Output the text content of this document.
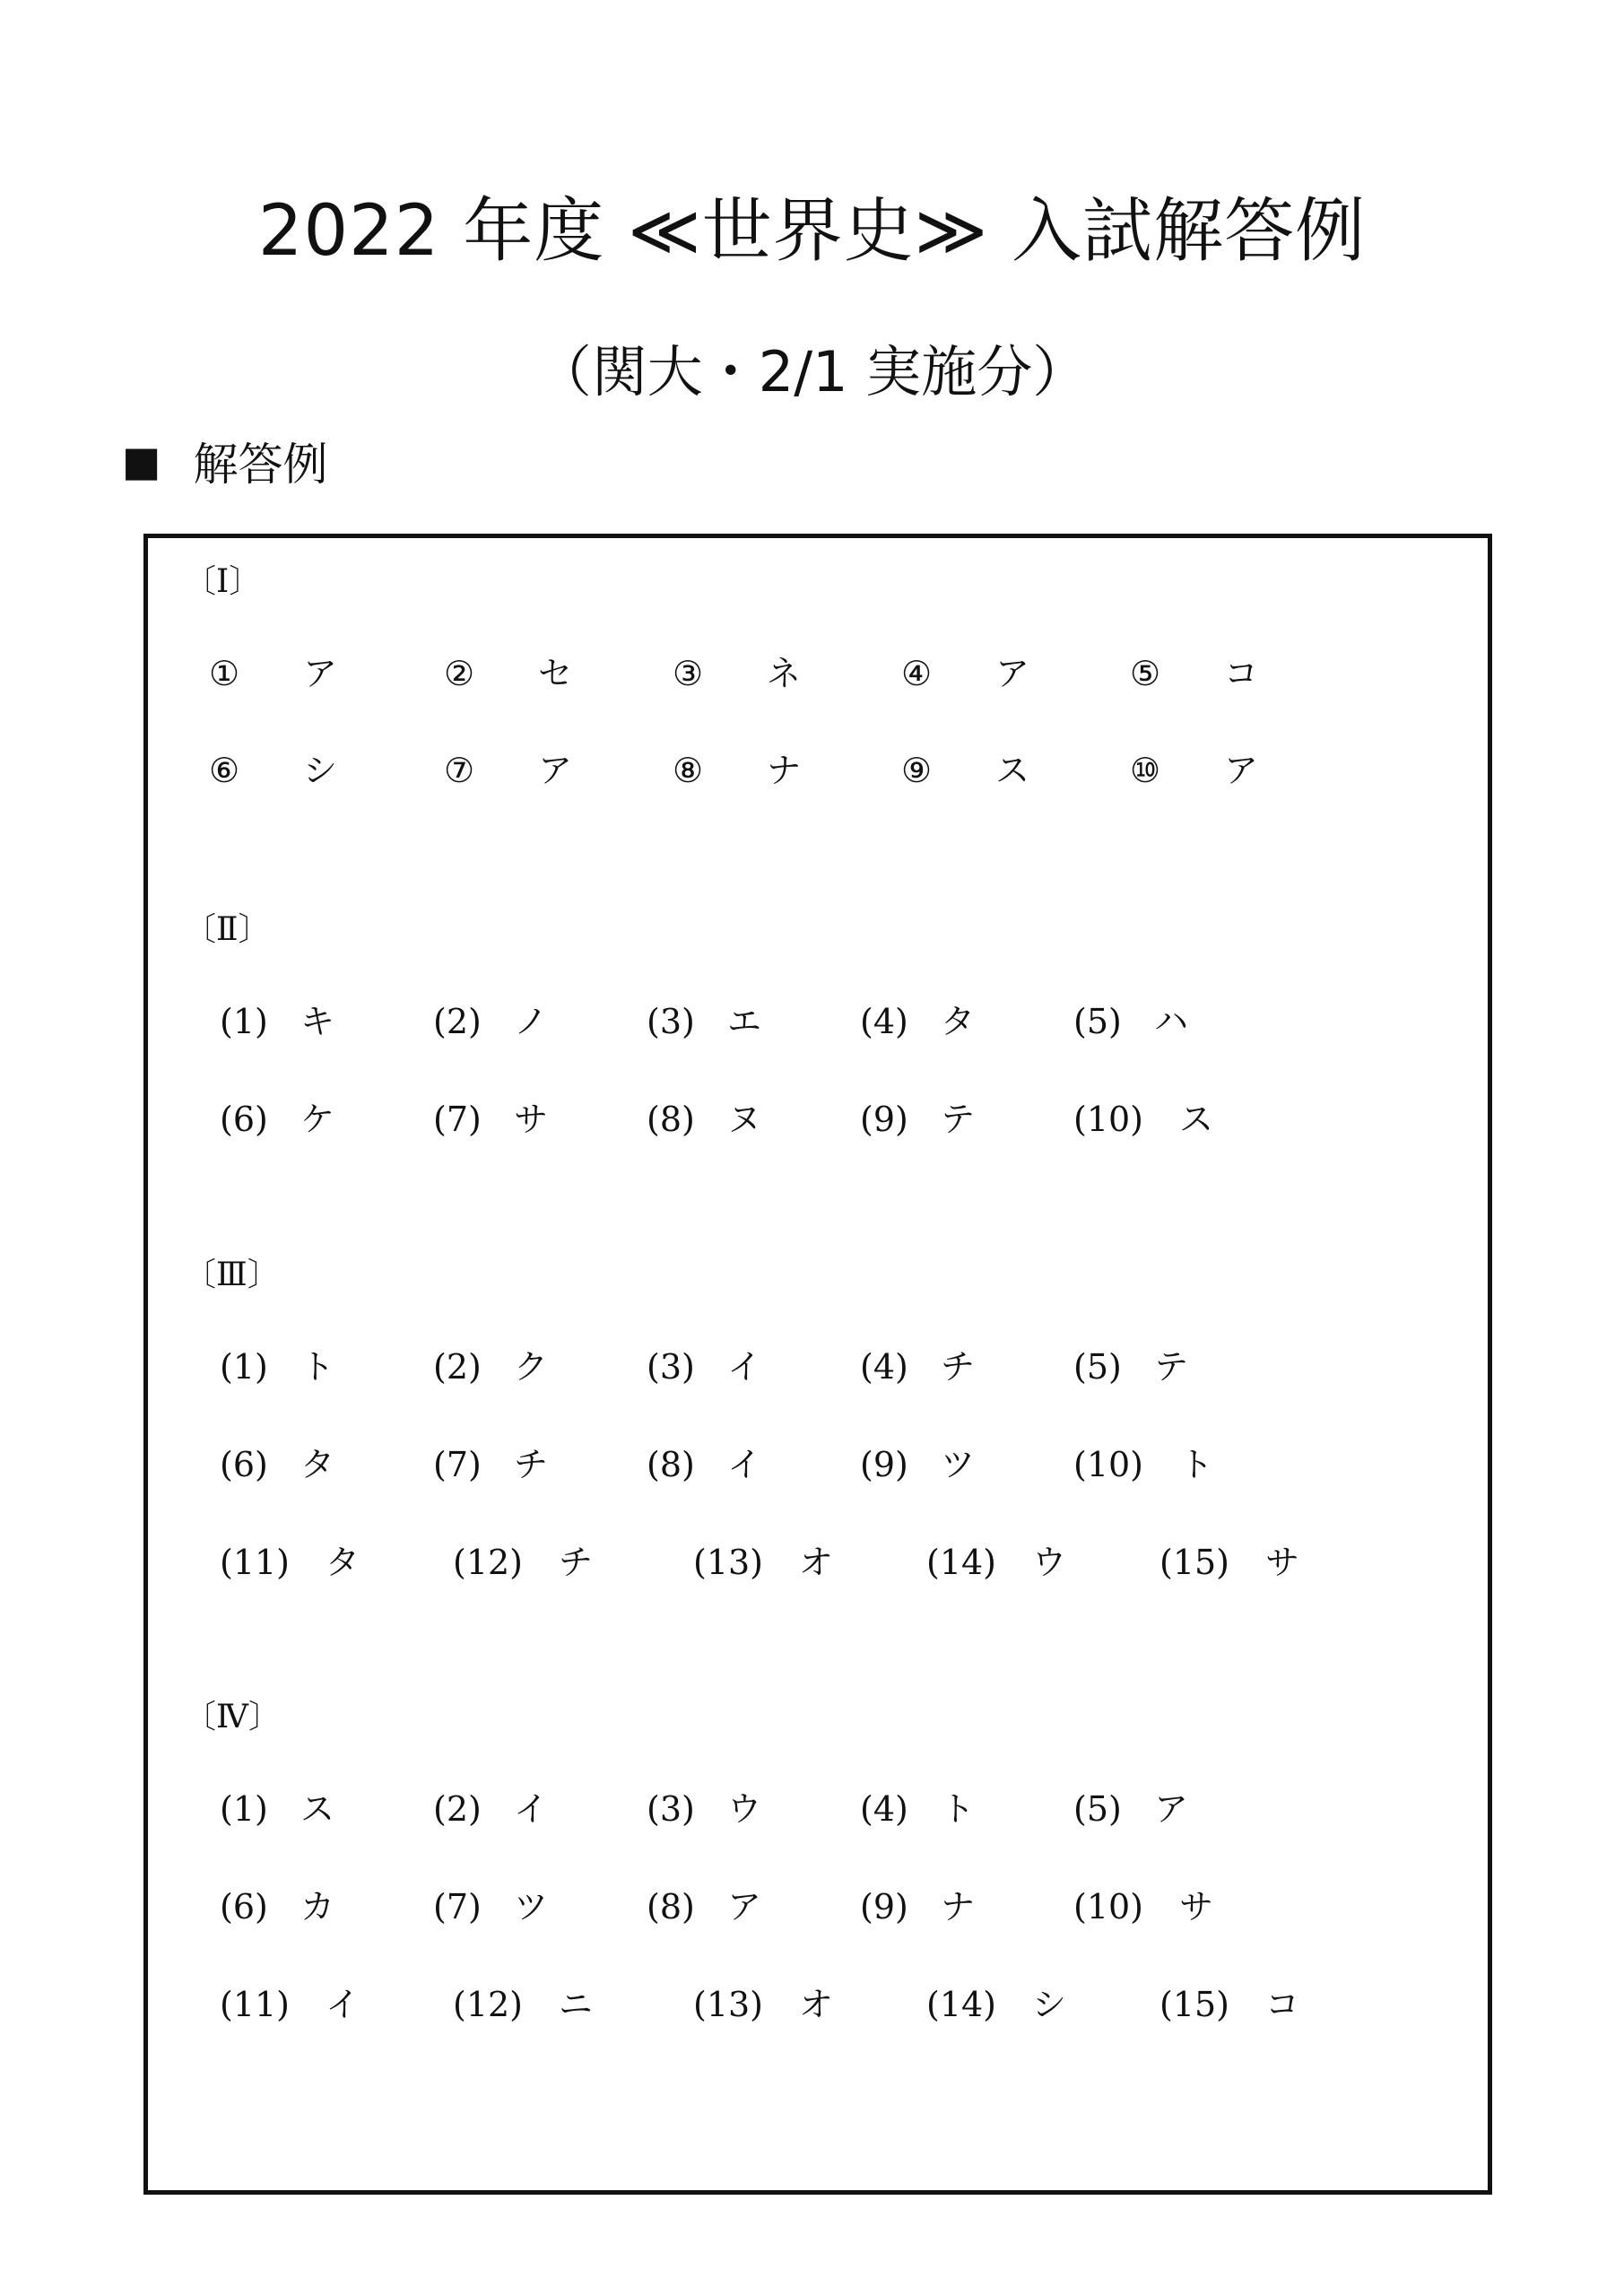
2022 年度 ≪世界史≫ 入試解答例
（関大・2/1 実施分）
■ 解答例
〔Ⅰ〕
① ア	② セ	③ ネ	④ ア	⑤ コ
⑥ シ	⑦ ア	⑧ ナ	⑨ ス	⑩ ア
〔Ⅱ〕
(1) キ	(2) ノ	(3) エ	(4) タ	(5) ハ
(6) ケ	(7) サ	(8) ヌ	(9) テ	(10) ス
〔Ⅲ〕
(1) ト	(2) ク	(3) イ	(4) チ	(5) テ
(6) タ	(7) チ	(8) イ	(9) ツ	(10) ト
(11) タ	(12) チ	(13) オ	(14) ウ	(15) サ
〔Ⅳ〕
(1) ス	(2) イ	(3) ウ	(4) ト	(5) ア
(6) カ	(7) ツ	(8) ア	(9) ナ	(10) サ
(11) イ	(12) ニ	(13) オ	(14) シ	(15) コ
